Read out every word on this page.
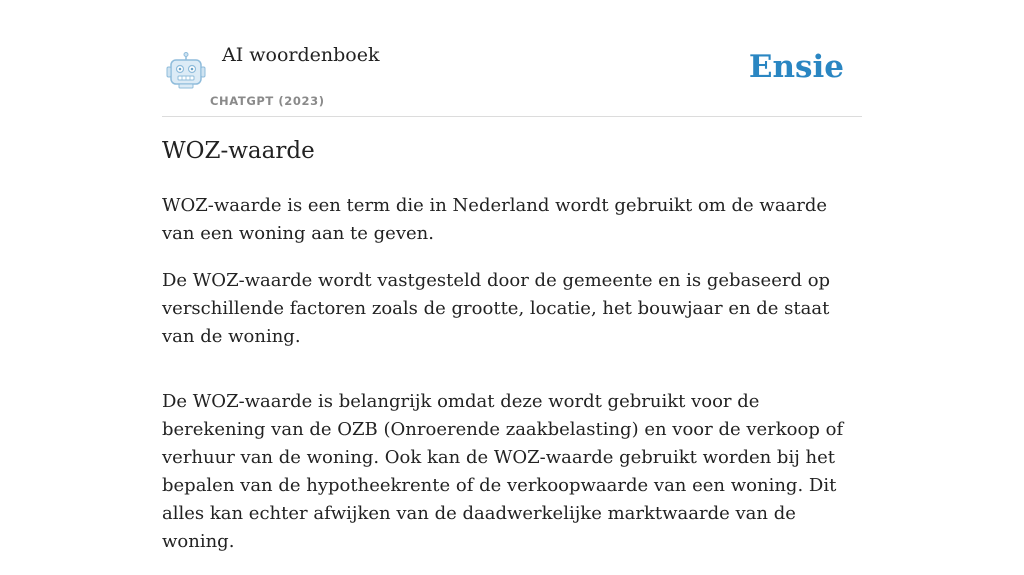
AI woordenboek
CHATGPT (2023)
Ensie
WOZ-waarde

WOZ-waarde is een term die in Nederland wordt gebruikt om de waarde van een woning aan te geven.

De WOZ-waarde wordt vastgesteld door de gemeente en is gebaseerd op verschillende factoren zoals de grootte, locatie, het bouwjaar en de staat van de woning.

De WOZ-waarde is belangrijk omdat deze wordt gebruikt voor de berekening van de OZB (Onroerende zaakbelasting) en voor de verkoop of verhuur van de woning. Ook kan de WOZ-waarde gebruikt worden bij het bepalen van de hypotheekrente of de verkoopwaarde van een woning. Dit alles kan echter afwijken van de daadwerkelijke marktwaarde van de woning.
